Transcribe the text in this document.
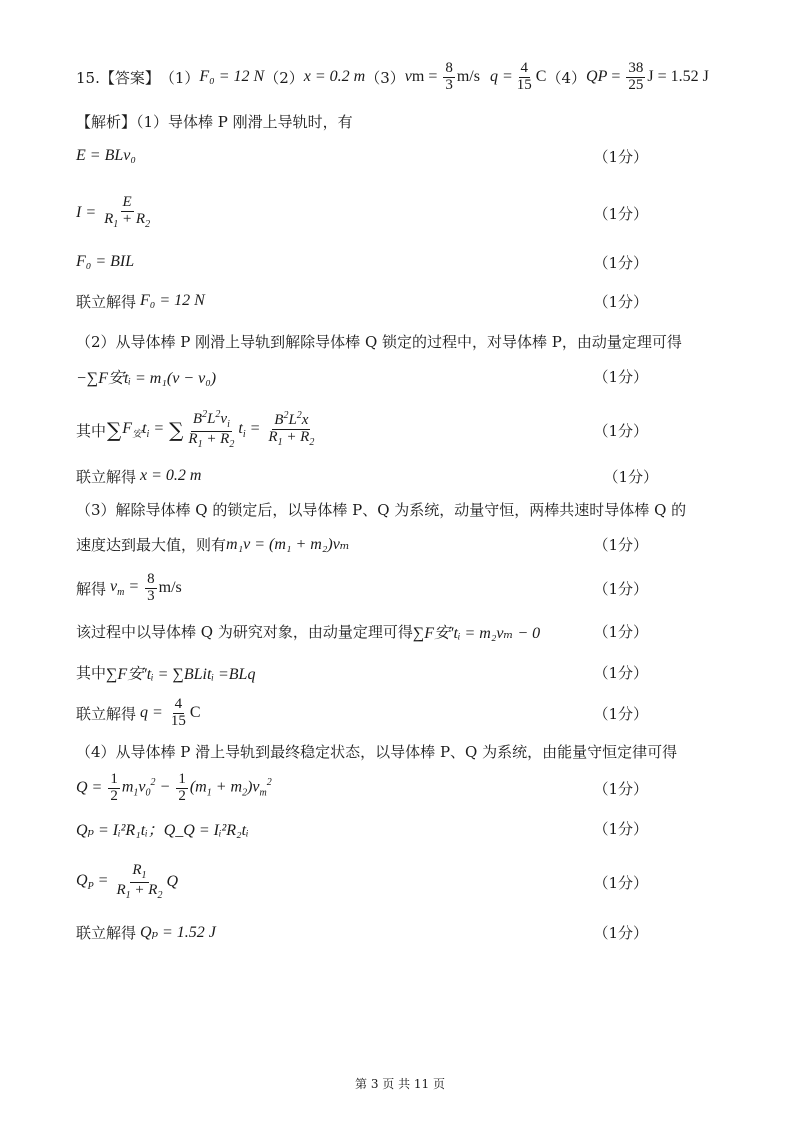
15.【答案】 （1） F₀ = 12 N （2） x = 0.2 m （3） v $m = \frac{8}{3} m/s$ $q = \frac{4}{15}$ C （4） Q $P = \frac{38}{25}$ J = 1.52 J
【解析】（1）导体棒 P 刚滑上导轨时，有
E = BLv₀	（1分）
$I = \frac{E}{R_1 + R_2}$	（1分）
F₀ = BIL	（1分）
联立解得 F₀ = 12 N	（1分）
（2）从导体棒 P 刚滑上导轨到解除导体棒 Q 锁定的过程中，对导体棒 P，由动量定理可得
−∑F安tᵢ = m₁(v − v₀)	（1分）
其中 ∑ $F_安t_i$ = ∑ $\frac{B^2L^2v_i}{R_1 + R_2} t_i = \frac{B^2L^2x}{R_1 + R_2}$	（1分）
联立解得 x = 0.2 m	（1分）
（3）解除导体棒 Q 的锁定后，以导体棒 P、Q 为系统，动量守恒，两棒共速时导体棒 Q 的
速度达到最大值，则有 m₁v = (m₁ + m₂)vₘ	（1分）
解得 $v_m = \frac{8}{3} m/s$	（1分）
该过程中以导体棒 Q 为研究对象，由动量定理可得 ∑F安′tᵢ = m₂vₘ − 0	（1分）
其中 ∑F安′tᵢ = ∑BLitᵢ =BLq	（1分）
联立解得 $q = \frac{4}{15}$ C	（1分）
（4）从导体棒 P 滑上导轨到最终稳定状态，以导体棒 P、Q 为系统，由能量守恒定律可得
$Q = \frac{1}{2} m_1v_0^2 - \frac{1}{2} (m_1 + m_2)v_m^2$	（1分）
Qₚ = Iᵢ²R₁tᵢ；Q_Q = Iᵢ²R₂tᵢ	（1分）
$Q_P = \frac{R_1}{R_1 + R_2}$ Q	（1分）
联立解得 Qₚ = 1.52 J	（1分）
第 3 页 共 11 页
